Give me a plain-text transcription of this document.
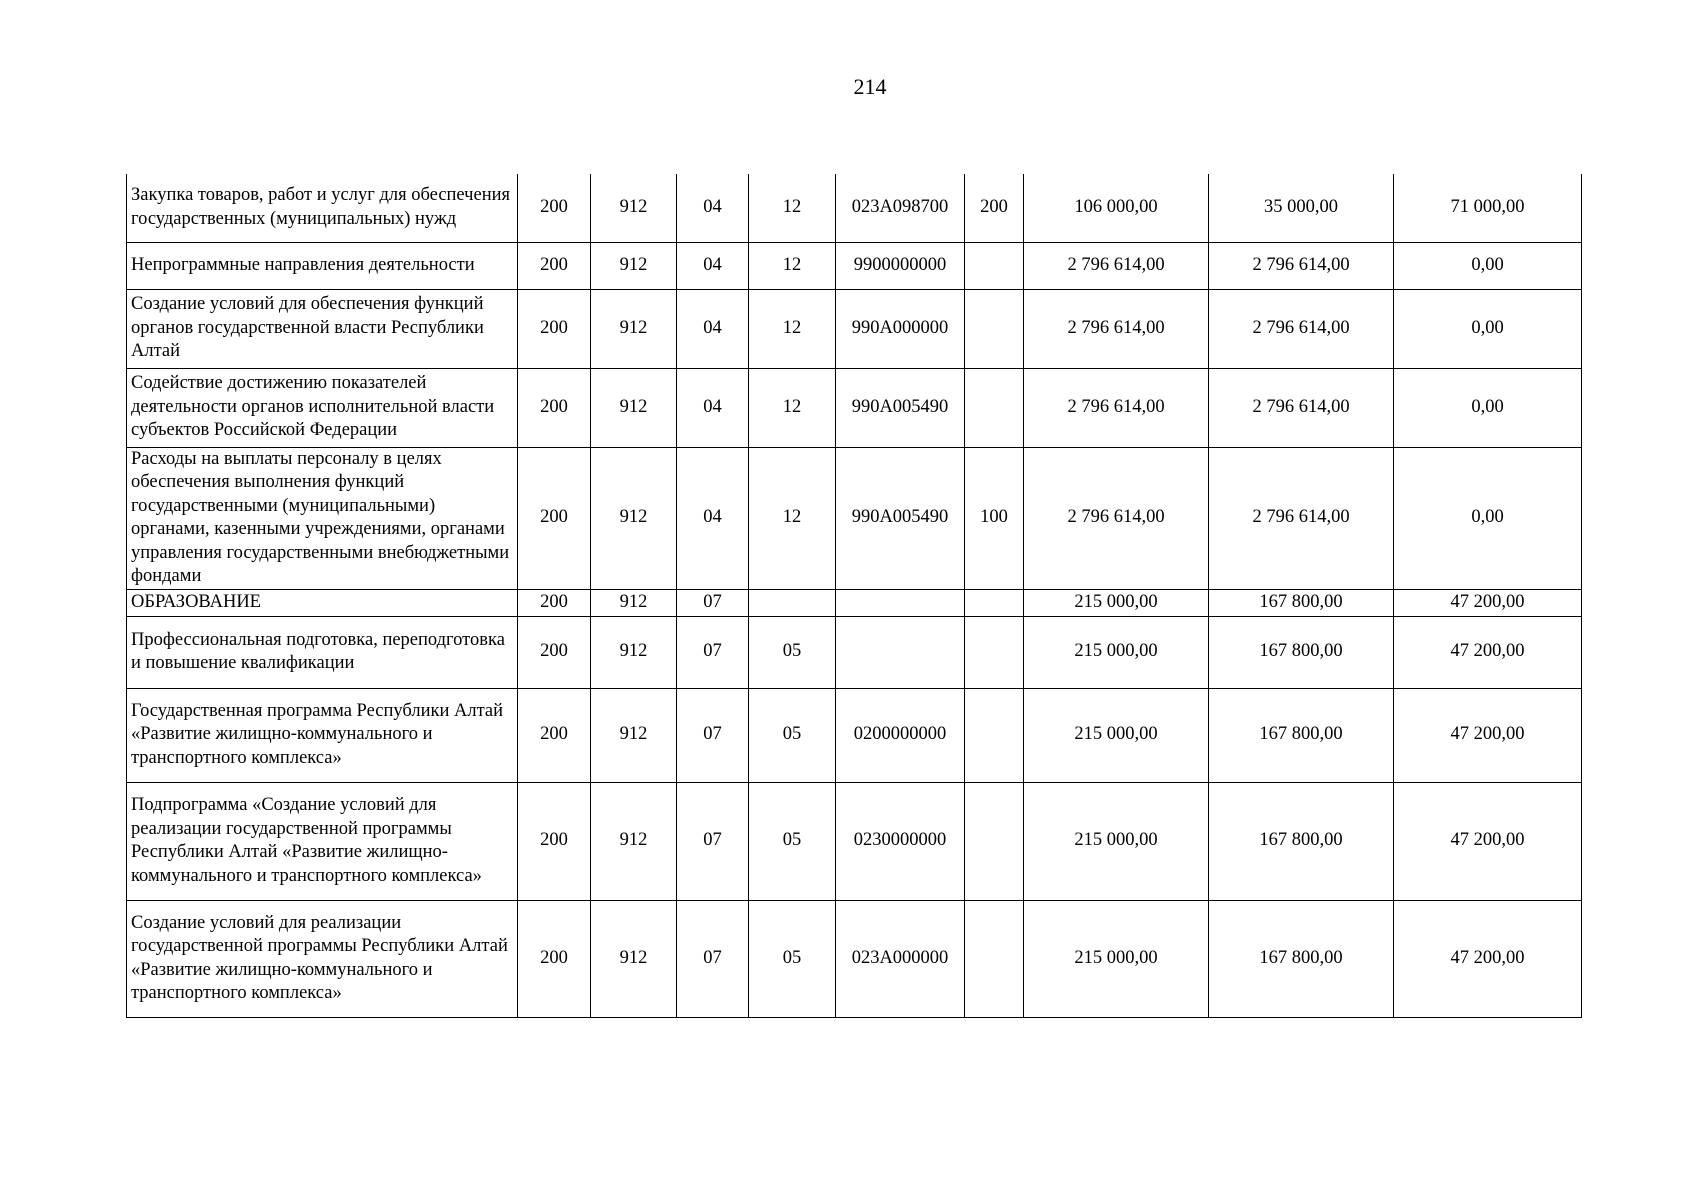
214
Закупка товаров, работ и услуг для обеспечения государственных (муниципальных) нужд	200	912	04	12	023А098700	200	106 000,00	35 000,00	71 000,00
Непрограммные направления деятельности	200	912	04	12	9900000000		2 796 614,00	2 796 614,00	0,00
Создание условий для обеспечения функций органов государственной власти Республики Алтай	200	912	04	12	990А000000		2 796 614,00	2 796 614,00	0,00
Содействие достижению показателей деятельности органов исполнительной власти субъектов Российской Федерации	200	912	04	12	990А005490		2 796 614,00	2 796 614,00	0,00
Расходы на выплаты персоналу в целях обеспечения выполнения функций государственными (муниципальными) органами, казенными учреждениями, органами управления государственными внебюджетными фондами	200	912	04	12	990А005490	100	2 796 614,00	2 796 614,00	0,00
ОБРАЗОВАНИЕ	200	912	07				215 000,00	167 800,00	47 200,00
Профессиональная подготовка, переподготовка и повышение квалификации	200	912	07	05			215 000,00	167 800,00	47 200,00
Государственная программа Республики Алтай «Развитие жилищно-коммунального и транспортного комплекса»	200	912	07	05	0200000000		215 000,00	167 800,00	47 200,00
Подпрограмма «Создание условий для реализации государственной программы Республики Алтай «Развитие жилищно-коммунального и транспортного комплекса»	200	912	07	05	0230000000		215 000,00	167 800,00	47 200,00
Создание условий для реализации государственной программы Республики Алтай «Развитие жилищно-коммунального и транспортного комплекса»	200	912	07	05	023А000000		215 000,00	167 800,00	47 200,00
